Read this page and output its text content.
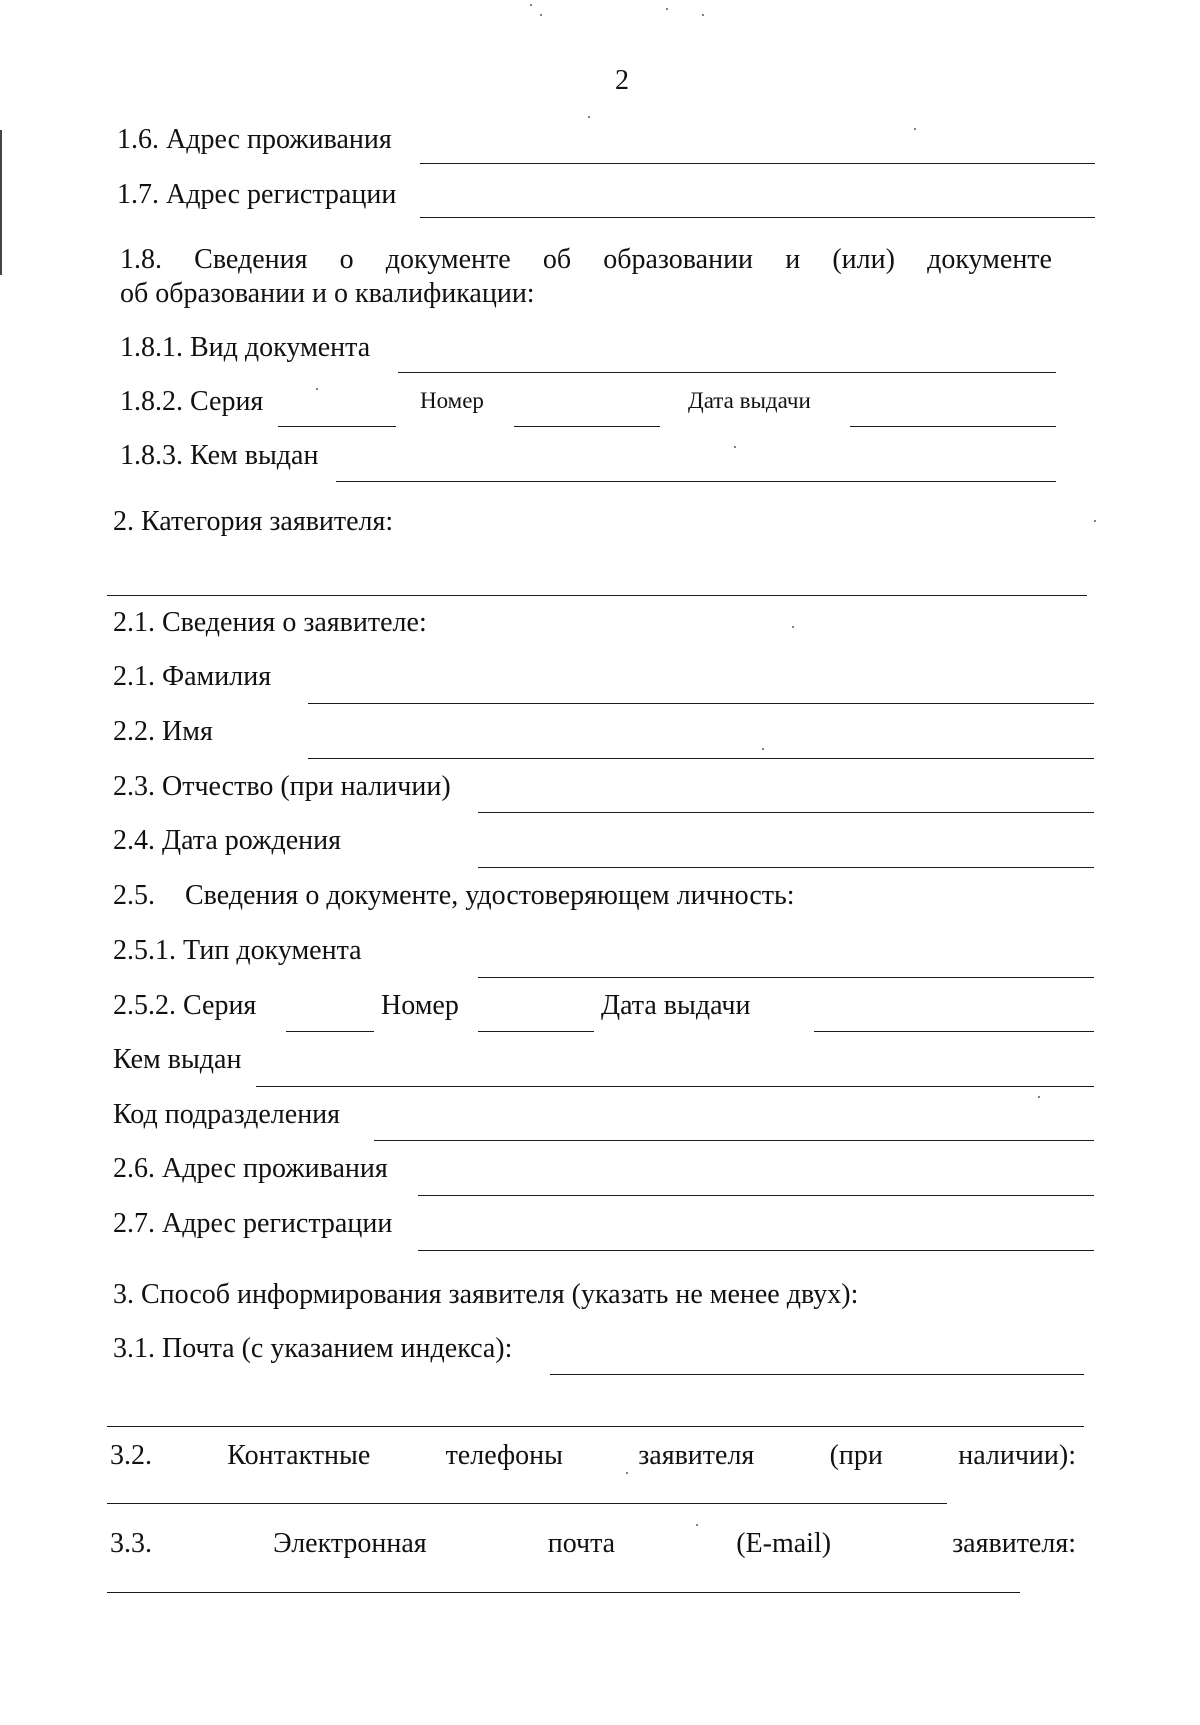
2
1.6. Адрес проживания
1.7. Адрес регистрации
1.8. Сведения о документе об образовании и (или) документе
об образовании и о квалификации:
1.8.1. Вид документа
1.8.2. Серия	Номер	Дата выдачи
1.8.3. Кем выдан
2. Категория заявителя:
2.1. Сведения о заявителе:
2.1. Фамилия
2.2. Имя
2.3. Отчество (при наличии)
2.4. Дата рождения
2.5. Сведения о документе, удостоверяющем личность:
2.5.1. Тип документа
2.5.2. Серия	Номер	Дата выдачи
Кем выдан
Код подразделения
2.6. Адрес проживания
2.7. Адрес регистрации
3. Способ информирования заявителя (указать не менее двух):
3.1. Почта (с указанием индекса):
3.2.	Контактные	телефоны	заявителя	(при	наличии):
3.3.	Электронная	почта	(E-mail)	заявителя:
